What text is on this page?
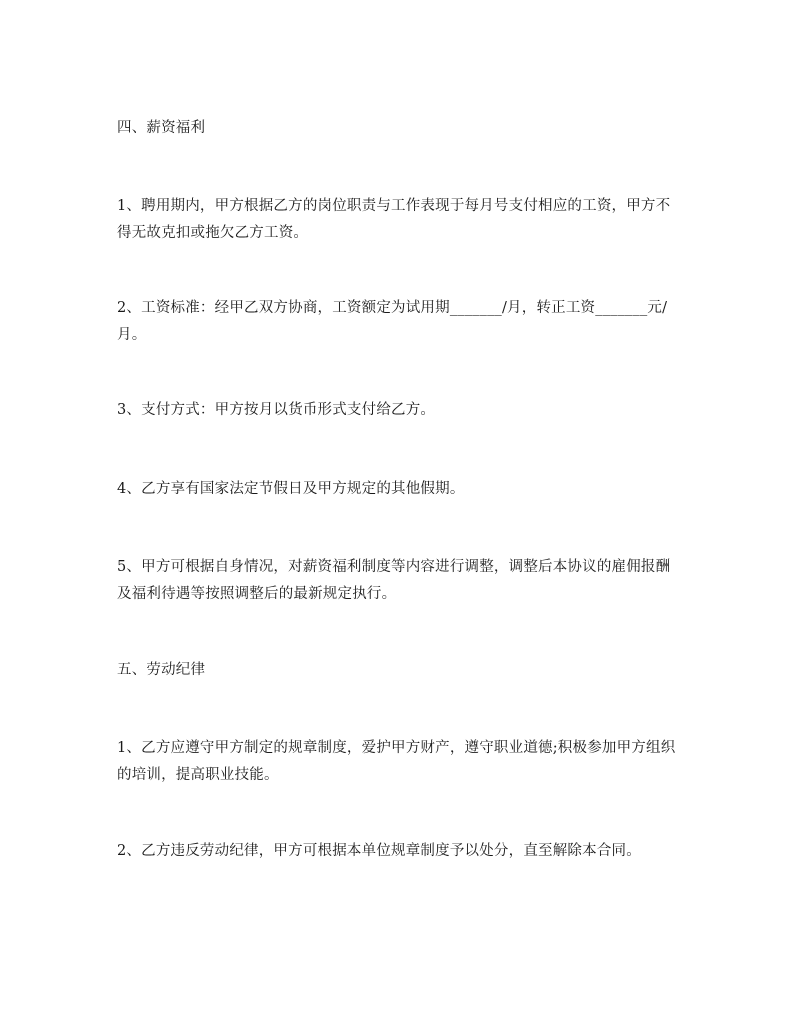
四、薪资福利

1、聘用期内，甲方根据乙方的岗位职责与工作表现于每月号支付相应的工资，甲方不得无故克扣或拖欠乙方工资。

2、工资标准：经甲乙双方协商，工资额定为试用期_______/月，转正工资_______元/月。

3、支付方式：甲方按月以货币形式支付给乙方。

4、乙方享有国家法定节假日及甲方规定的其他假期。

5、甲方可根据自身情况，对薪资福利制度等内容进行调整，调整后本协议的雇佣报酬及福利待遇等按照调整后的最新规定执行。

五、劳动纪律

1、乙方应遵守甲方制定的规章制度，爱护甲方财产，遵守职业道德;积极参加甲方组织的培训，提高职业技能。

2、乙方违反劳动纪律，甲方可根据本单位规章制度予以处分，直至解除本合同。
